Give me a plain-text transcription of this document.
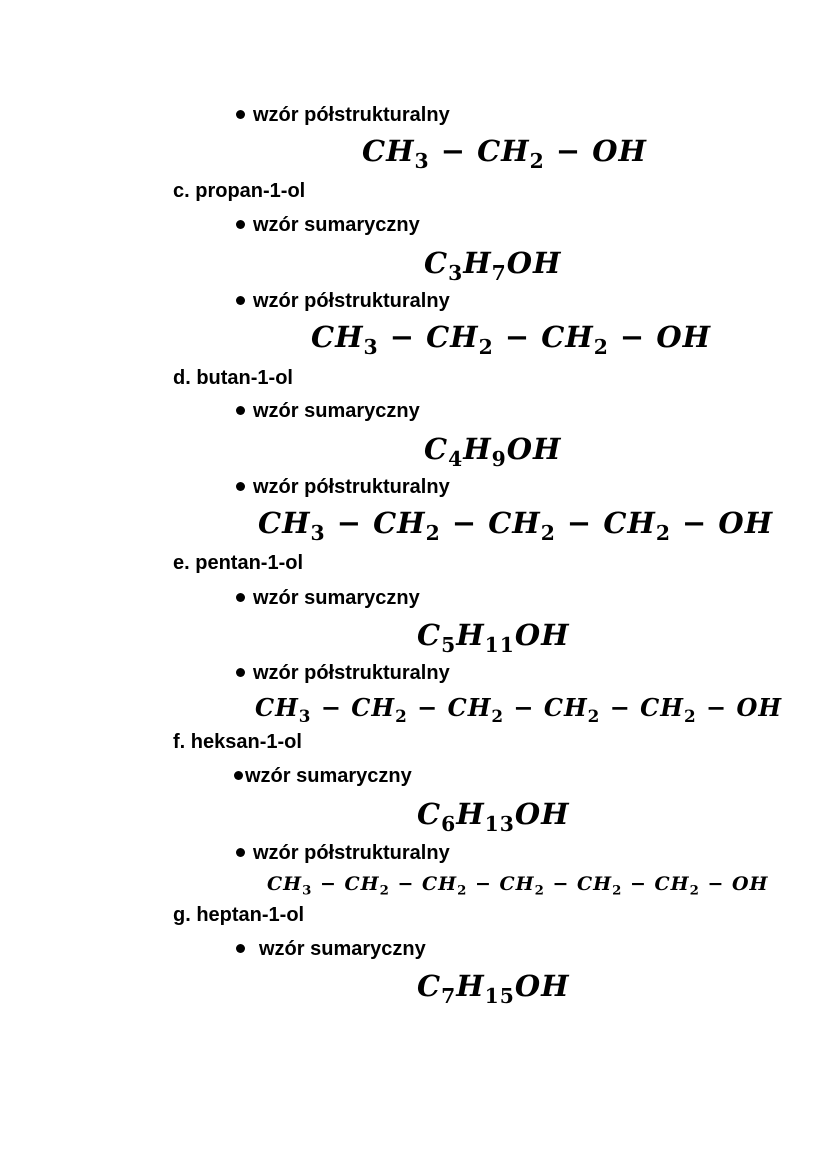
wzór półstrukturalny
$CH_3 - CH_2$ − OH
c. propan-1-ol
wzór sumaryczny
$C_3H_7OH$
wzór półstrukturalny
$CH_3 - CH_2 - CH_2$ − OH
d. butan-1-ol
wzór sumaryczny
$C_4H_9OH$
wzór półstrukturalny
$CH_3 - CH_2 - CH_2 - CH_2$ − OH
e. pentan-1-ol
wzór sumaryczny
$C_5H_{11}OH$
wzór półstrukturalny
$CH_3 - CH_2 - CH_2 - CH_2 - CH_2$ − OH
f. heksan-1-ol
wzór sumaryczny
$C_6H_{13}OH$
wzór półstrukturalny
$CH_3 - CH_2 - CH_2 - CH_2 - CH_2 - CH_2$ − OH
g. heptan-1-ol
wzór sumaryczny
$C_7H_{15}OH$
